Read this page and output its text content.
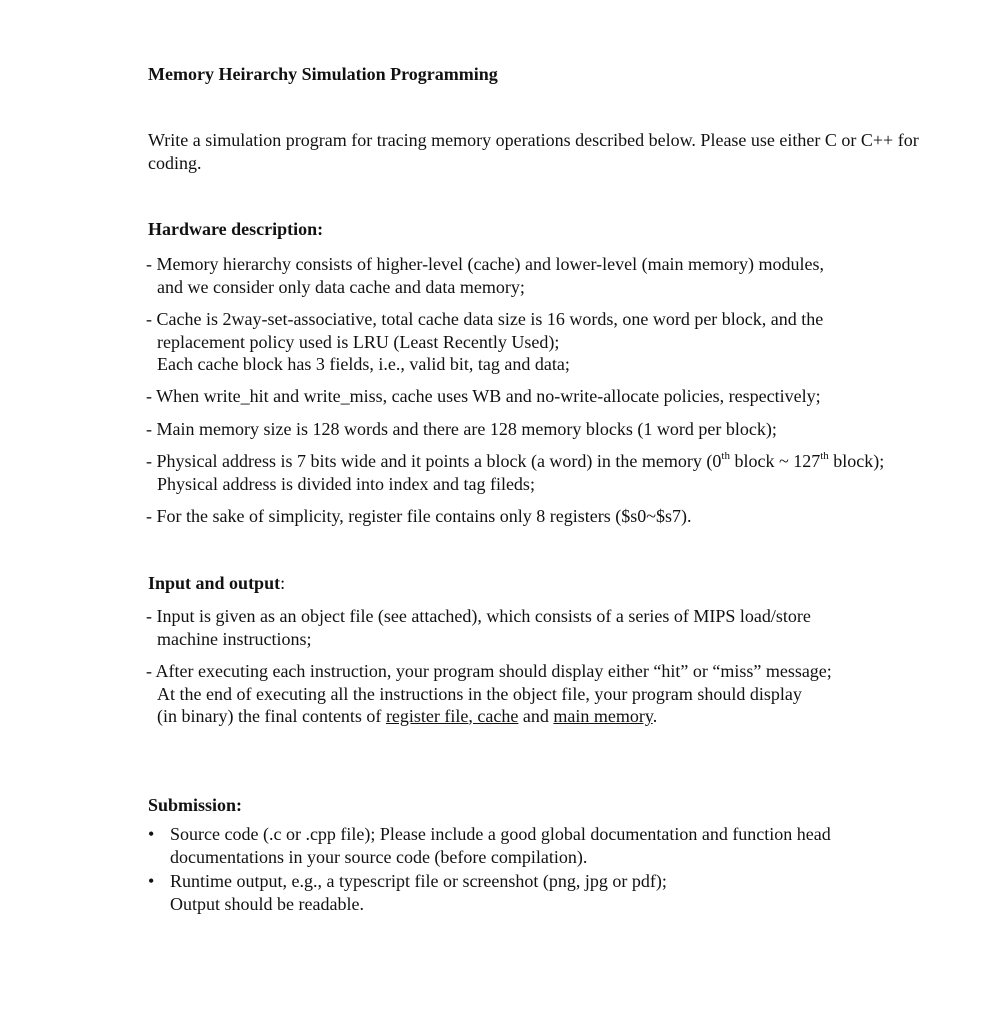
Memory Heirarchy Simulation Programming
Write a simulation program for tracing memory operations described below. Please use either C or C++ for coding.
Hardware description:
- Memory hierarchy consists of higher-level (cache) and lower-level (main memory) modules,
and we consider only data cache and data memory;
- Cache is 2way-set-associative, total cache data size is 16 words, one word per block, and the
replacement policy used is LRU (Least Recently Used);
Each cache block has 3 fields, i.e., valid bit, tag and data;
- When write_hit and write_miss, cache uses WB and no-write-allocate policies, respectively;
- Main memory size is 128 words and there are 128 memory blocks (1 word per block);
- Physical address is 7 bits wide and it points a block (a word) in the memory (0th block ~ 127th block);
Physical address is divided into index and tag fileds;
- For the sake of simplicity, register file contains only 8 registers ($s0~$s7).
Input and output:
- Input is given as an object file (see attached), which consists of a series of MIPS load/store
machine instructions;
- After executing each instruction, your program should display either “hit” or “miss” message;
At the end of executing all the instructions in the object file, your program should display
(in binary) the final contents of register file, cache and main memory.
Submission:
• Source code (.c or .cpp file); Please include a good global documentation and function head
documentations in your source code (before compilation).
• Runtime output, e.g., a typescript file or screenshot (png, jpg or pdf);
Output should be readable.
